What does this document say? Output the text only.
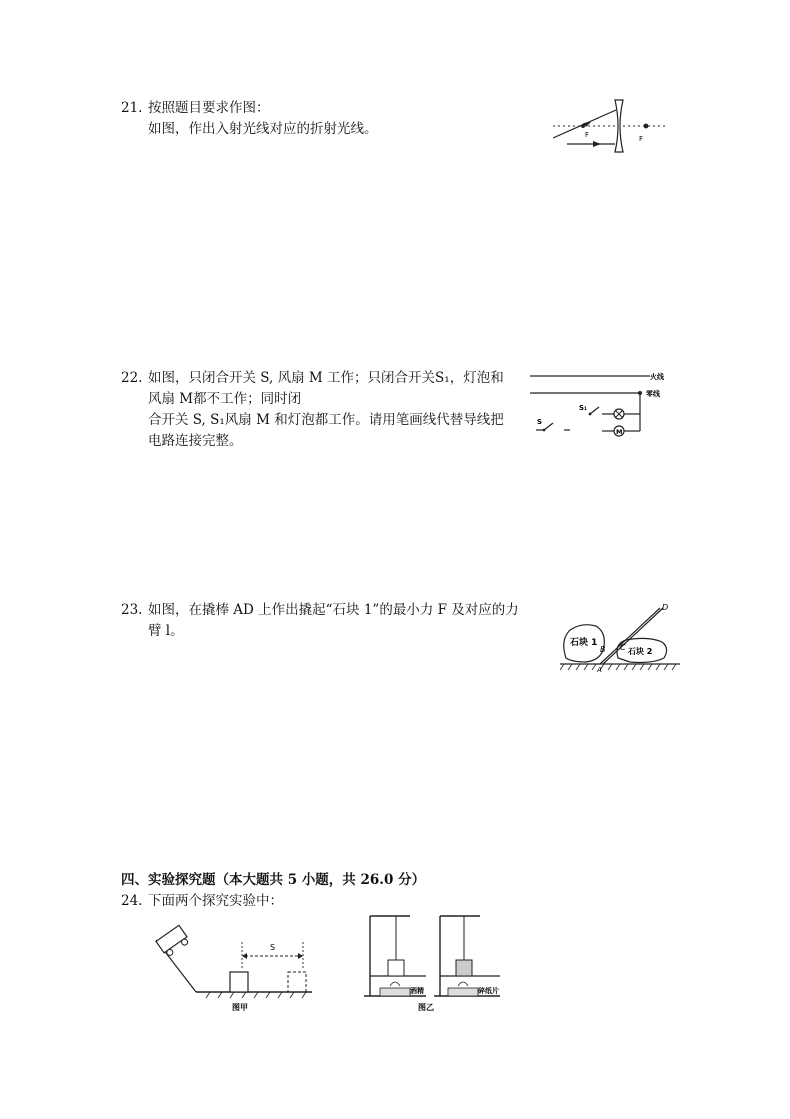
21. 按照题目要求作图：
如图，作出入射光线对应的折射光线。	F	F
22. 如图，只闭合开关 S, 风扇 M 工作；只闭合开关S₁，灯泡和
风扇 M都不工作；同时闭
合开关 S, S₁风扇 M 和灯泡都工作。请用笔画线代替导线把
电路连接完整。
火线
零线
S
S₁
M
23. 如图，在撬棒 AD 上作出撬起“石块 1”的最小力 F 及对应的力
臂 l。
石块 1
石块 2
D
B C
A
四、实验探究题（本大题共 5 小题，共 26.0 分）
24. 下面两个探究实验中：
S
图甲
酒精	碎纸片
图乙
